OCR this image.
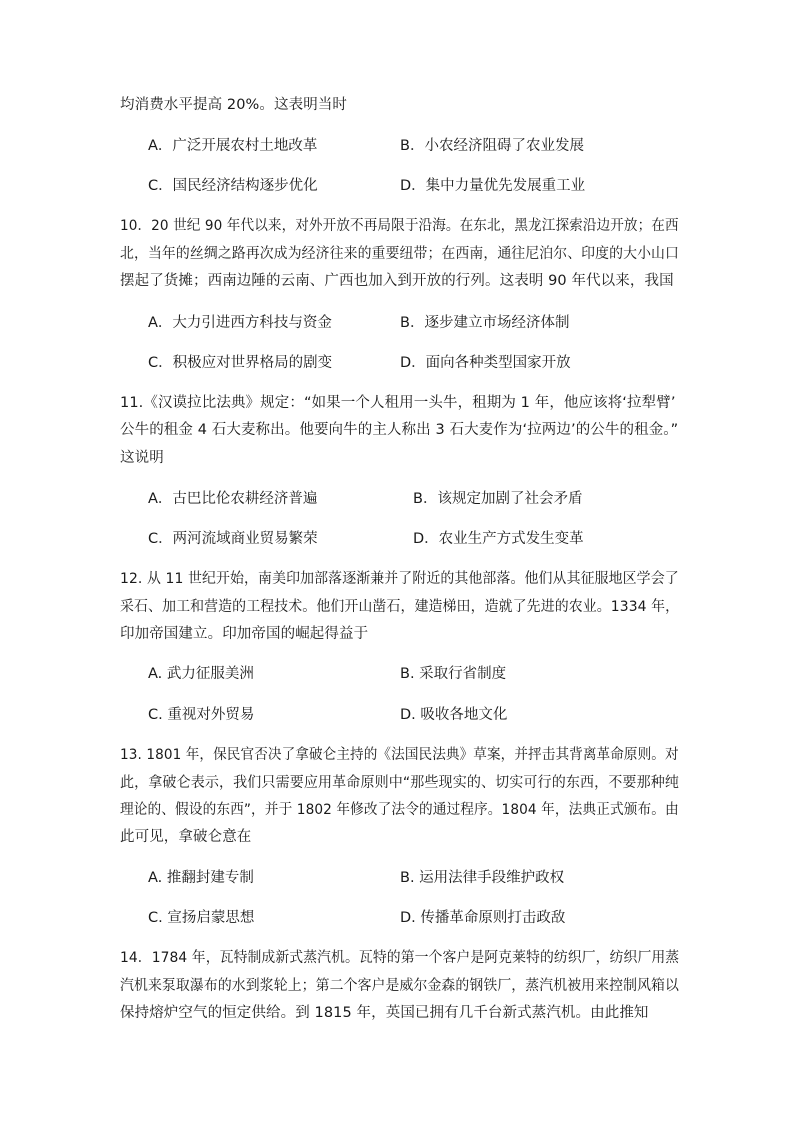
均消费水平提高 20%。这表明当时
A．广泛开展农村土地改革	B．小农经济阻碍了农业发展
C．国民经济结构逐步优化	D．集中力量优先发展重工业
10．20 世纪 90 年代以来，对外开放不再局限于沿海。在东北，黑龙江探索沿边开放；在西
北，当年的丝绸之路再次成为经济往来的重要纽带；在西南，通往尼泊尔、印度的大小山口
摆起了货摊；西南边陲的云南、广西也加入到开放的行列。这表明 90 年代以来，我国
A．大力引进西方科技与资金	B．逐步建立市场经济体制
C．积极应对世界格局的剧变	D．面向各种类型国家开放
11.《汉谟拉比法典》规定：“如果一个人租用一头牛，租期为 1 年，他应该将‘拉犁臂’
公牛的租金 4 石大麦称出。他要向牛的主人称出 3 石大麦作为‘拉两边’的公牛的租金。”
这说明
A．古巴比伦农耕经济普遍	B．该规定加剧了社会矛盾
C．两河流域商业贸易繁荣	D．农业生产方式发生变革
12. 从 11 世纪开始，南美印加部落逐渐兼并了附近的其他部落。他们从其征服地区学会了
采石、加工和营造的工程技术。他们开山凿石，建造梯田，造就了先进的农业。1334 年，
印加帝国建立。印加帝国的崛起得益于
A. 武力征服美洲	B. 采取行省制度
C. 重视对外贸易	D. 吸收各地文化
13. 1801 年，保民官否决了拿破仑主持的《法国民法典》草案，并抨击其背离革命原则。对
此，拿破仑表示，我们只需要应用革命原则中“那些现实的、切实可行的东西，不要那种纯
理论的、假设的东西”，并于 1802 年修改了法令的通过程序。1804 年，法典正式颁布。由
此可见，拿破仑意在
A. 推翻封建专制	B. 运用法律手段维护政权
C. 宣扬启蒙思想	D. 传播革命原则打击政敌
14．1784 年，瓦特制成新式蒸汽机。瓦特的第一个客户是阿克莱特的纺织厂，纺织厂用蒸
汽机来泵取瀑布的水到浆轮上；第二个客户是威尔金森的钢铁厂，蒸汽机被用来控制风箱以
保持熔炉空气的恒定供给。到 1815 年，英国已拥有几千台新式蒸汽机。由此推知
